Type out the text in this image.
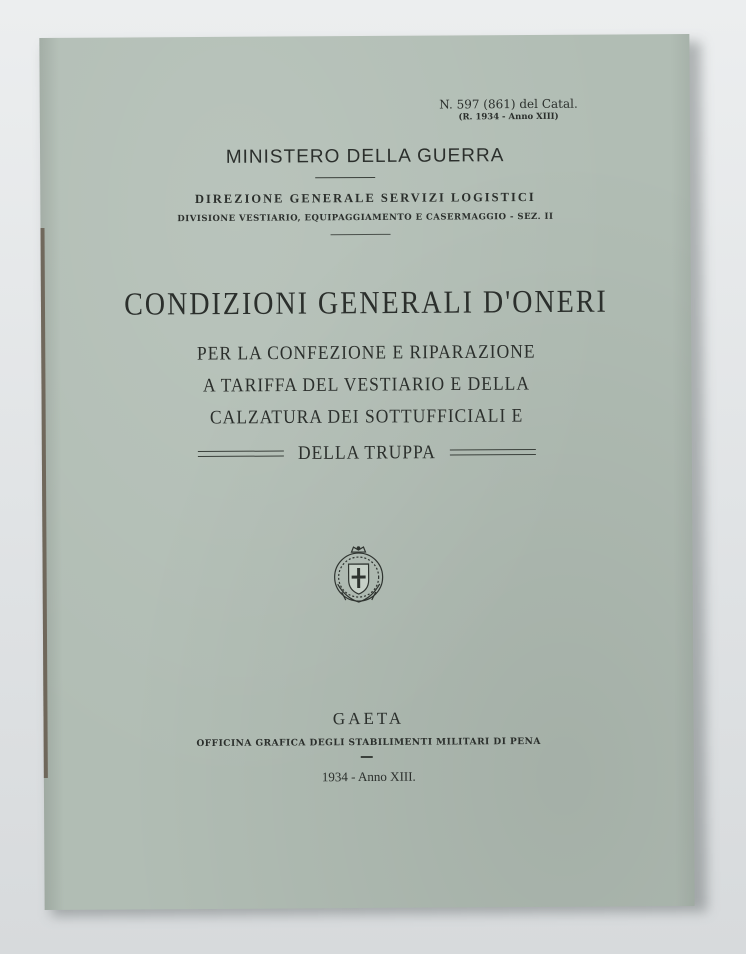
N. 597 (861) del Catal.
(R. 1934 - Anno XIII)
MINISTERO DELLA GUERRA
DIREZIONE GENERALE SERVIZI LOGISTICI
DIVISIONE VESTIARIO, EQUIPAGGIAMENTO E CASERMAGGIO - SEZ. II
CONDIZIONI GENERALI D'ONERI
PER LA CONFEZIONE E RIPARAZIONE
A TARIFFA DEL VESTIARIO E DELLA
CALZATURA DEI SOTTUFFICIALI E
DELLA TRUPPA
GAETA
OFFICINA GRAFICA DEGLI STABILIMENTI MILITARI DI PENA
1934 - Anno XIII.
